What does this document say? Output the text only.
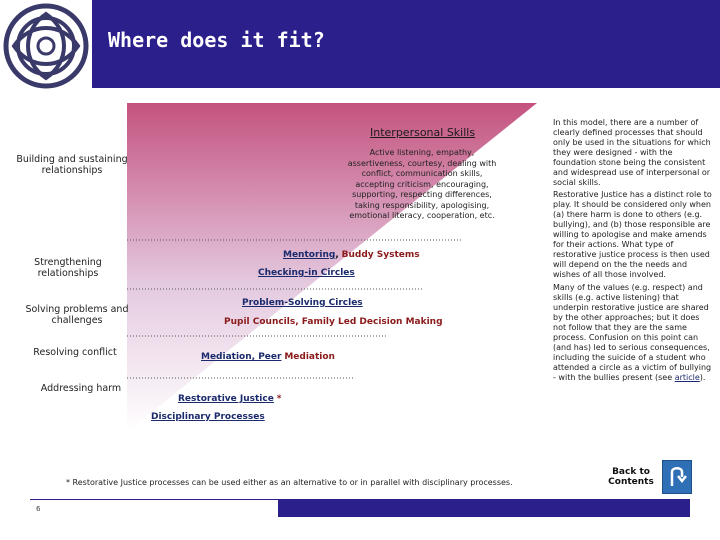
Where does it fit?
Interpersonal Skills
Active listening, empathy, assertiveness, courtesy, dealing with conflict, communication skills, accepting criticism, encouraging, supporting, respecting differences, taking responsibility, apologising, emotional literacy, cooperation, etc.
Building and sustaining relationships
Strengthening relationships
Solving problems and challenges
Resolving conflict
Addressing harm
Mentoring, Buddy Systems
Checking-in Circles
Problem-Solving Circles
Pupil Councils, Family Led Decision Making
Mediation, Peer Mediation
Restorative Justice *
Disciplinary Processes
In this model, there are a number of clearly defined processes that should only be used in the situations for which they were designed - with the foundation stone being the consistent and widespread use of interpersonal or social skills.
Restorative Justice has a distinct role to play. It should be considered only when (a) there harm is done to others (e.g. bullying), and (b) those responsible are willing to apologise and make amends for their actions. What type of restorative justice process is then used will depend on the the needs and wishes of all those involved.
Many of the values (e.g. respect) and skills (e.g. active listening) that underpin restorative justice are shared by the other approaches; but it does not follow that they are the same process. Confusion on this point can (and has) led to serious consequences, including the suicide of a student who attended a circle as a victim of bullying - with the bullies present (see article).
* Restorative Justice processes can be used either as an alternative to or in parallel with disciplinary processes.
Back to Contents
6
